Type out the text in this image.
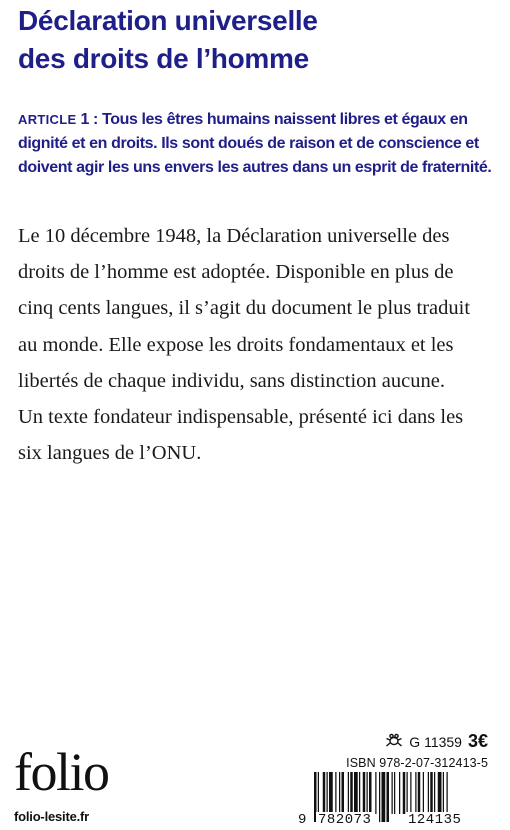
Déclaration universelle
des droits de l’homme
ARTICLE 1 : Tous les êtres humains naissent libres et égaux en
dignité et en droits. Ils sont doués de raison et de conscience et
doivent agir les uns envers les autres dans un esprit de fraternité.
Le 10 décembre 1948, la Déclaration universelle des
droits de l’homme est adoptée. Disponible en plus de
cinq cents langues, il s’agit du document le plus traduit
au monde. Elle expose les droits fondamentaux et les
libertés de chaque individu, sans distinction aucune.
Un texte fondateur indispensable, présenté ici dans les
six langues de l’ONU.
folio
folio-lesite.fr
G 11359 3€
ISBN 978-2-07-312413-5
9 782073	124135
